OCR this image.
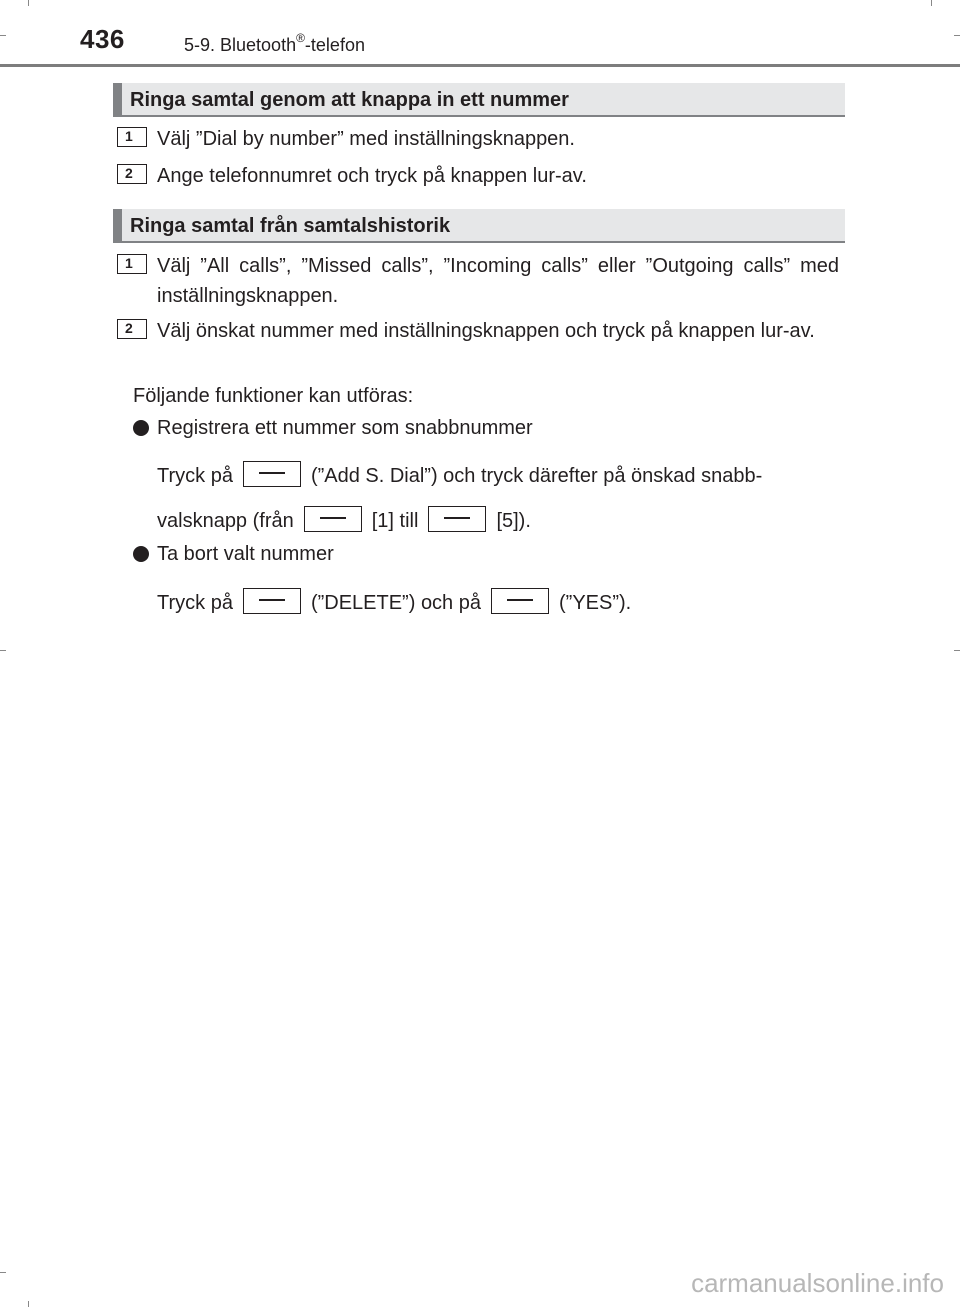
436	5-9. Bluetooth®-telefon
Ringa samtal genom att knappa in ett nummer
1	Välj ”Dial by number” med inställningsknappen.
2	Ange telefonnumret och tryck på knappen lur-av.
Ringa samtal från samtalshistorik
1	Välj ”All calls”, ”Missed calls”, ”Incoming calls” eller ”Outgoing calls” med inställningsknappen.
2	Välj önskat nummer med inställningsknappen och tryck på knappen lur-av.
Följande funktioner kan utföras:
Registrera ett nummer som snabbnummer
Tryck på	(”Add S. Dial”) och tryck därefter på önskad snabb-
valsknapp (från	[1] till	[5]).
Ta bort valt nummer
Tryck på	(”DELETE”) och på	(”YES”).
carmanualsonline.info
